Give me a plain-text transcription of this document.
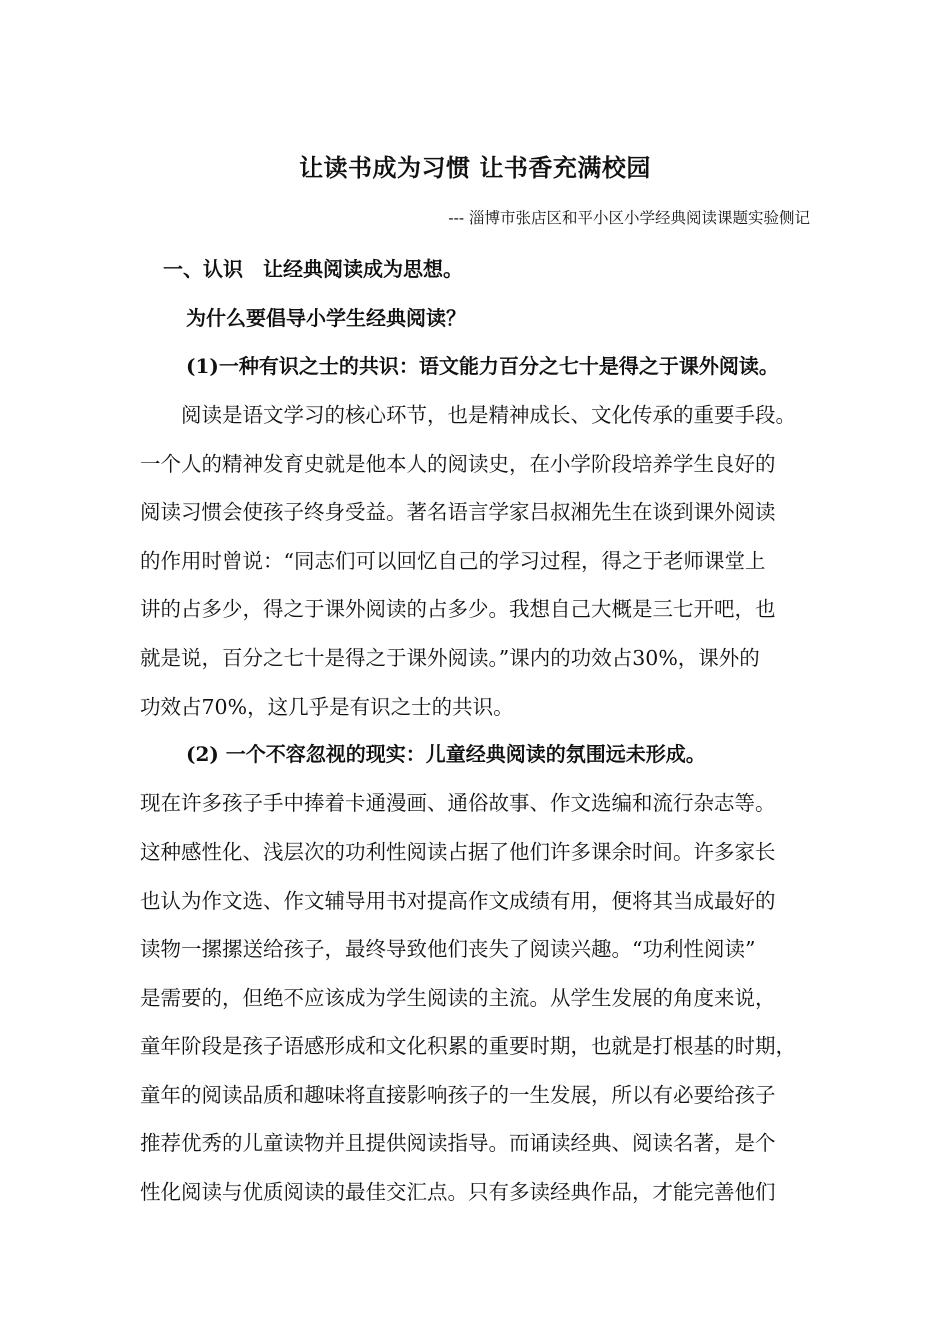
让读书成为习惯 让书香充满校园
--- 淄博市张店区和平小区小学经典阅读课题实验侧记
一、认识　让经典阅读成为思想。
为什么要倡导小学生经典阅读？
(1)一种有识之士的共识：语文能力百分之七十是得之于课外阅读。
　　阅读是语文学习的核心环节，也是精神成长、文化传承的重要手段。
一个人的精神发育史就是他本人的阅读史，在小学阶段培养学生良好的
阅读习惯会使孩子终身受益。著名语言学家吕叔湘先生在谈到课外阅读
的作用时曾说：“同志们可以回忆自己的学习过程，得之于老师课堂上
讲的占多少，得之于课外阅读的占多少。我想自己大概是三七开吧，也
就是说，百分之七十是得之于课外阅读。”课内的功效占30%，课外的
功效占70%，这几乎是有识之士的共识。
(2) 一个不容忽视的现实：儿童经典阅读的氛围远未形成。
现在许多孩子手中捧着卡通漫画、通俗故事、作文选编和流行杂志等。
这种感性化、浅层次的功利性阅读占据了他们许多课余时间。许多家长
也认为作文选、作文辅导用书对提高作文成绩有用，便将其当成最好的
读物一摞摞送给孩子，最终导致他们丧失了阅读兴趣。“功利性阅读”
是需要的，但绝不应该成为学生阅读的主流。从学生发展的角度来说，
童年阶段是孩子语感形成和文化积累的重要时期，也就是打根基的时期，
童年的阅读品质和趣味将直接影响孩子的一生发展，所以有必要给孩子
推荐优秀的儿童读物并且提供阅读指导。而诵读经典、阅读名著，是个
性化阅读与优质阅读的最佳交汇点。只有多读经典作品，才能完善他们
